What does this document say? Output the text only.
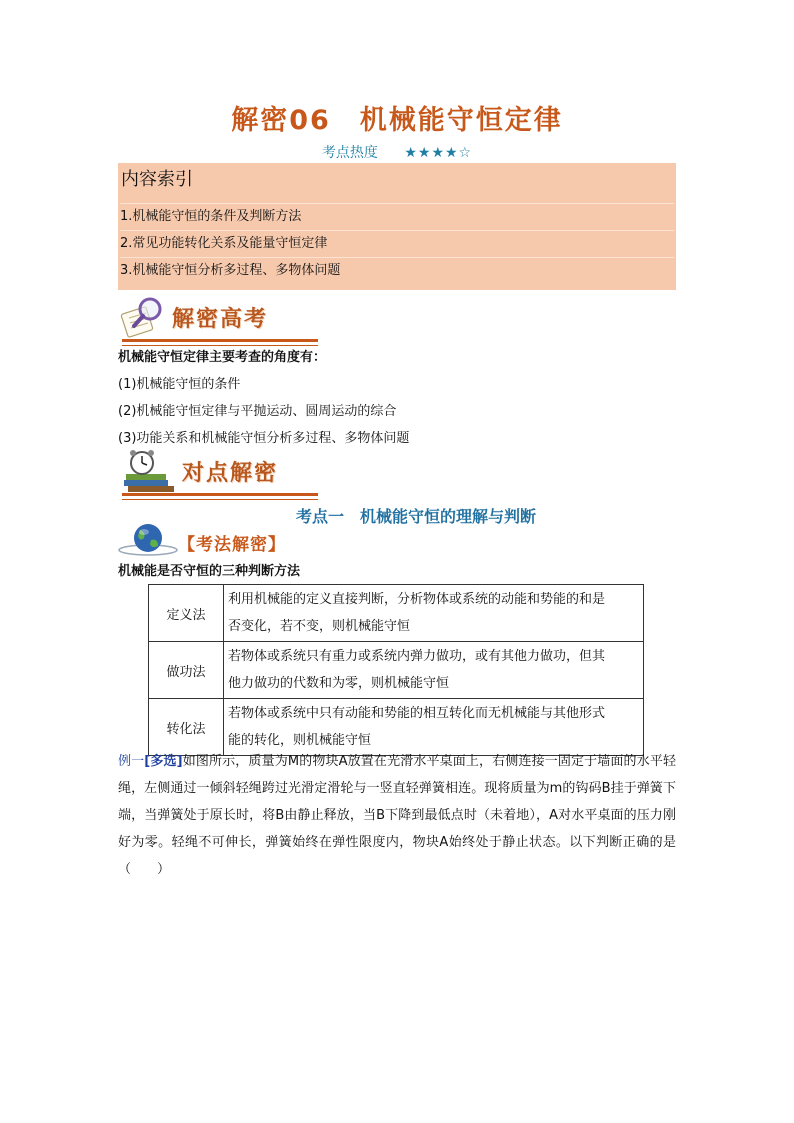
解密06　机械能守恒定律
考点热度 ★★★★☆
内容索引
1.机械能守恒的条件及判断方法
2.常见功能转化关系及能量守恒定律
3.机械能守恒分析多过程、多物体问题
解密高考
机械能守恒定律主要考查的角度有：
(1)机械能守恒的条件
(2)机械能守恒定律与平抛运动、圆周运动的综合
(3)功能关系和机械能守恒分析多过程、多物体问题
对点解密
考点一　机械能守恒的理解与判断
【考法解密】
机械能是否守恒的三种判断方法
定义法	利用机械能的定义直接判断，分析物体或系统的动能和势能的和是
否变化，若不变，则机械能守恒

做功法	若物体或系统只有重力或系统内弹力做功，或有其他力做功，但其
他力做功的代数和为零，则机械能守恒

转化法	若物体或系统中只有动能和势能的相互转化而无机械能与其他形式
能的转化，则机械能守恒
例一[多选]如图所示，质量为M的物块A放置在光滑水平桌面上，右侧连接一固定于墙面的水平轻绳，左侧通过一倾斜轻绳跨过光滑定滑轮与一竖直轻弹簧相连。现将质量为m的钩码B挂于弹簧下端，当弹簧处于原长时，将B由静止释放，当B下降到最低点时（未着地），A对水平桌面的压力刚好为零。轻绳不可伸长，弹簧始终在弹性限度内，物块A始终处于静止状态。以下判断正确的是（　　）
